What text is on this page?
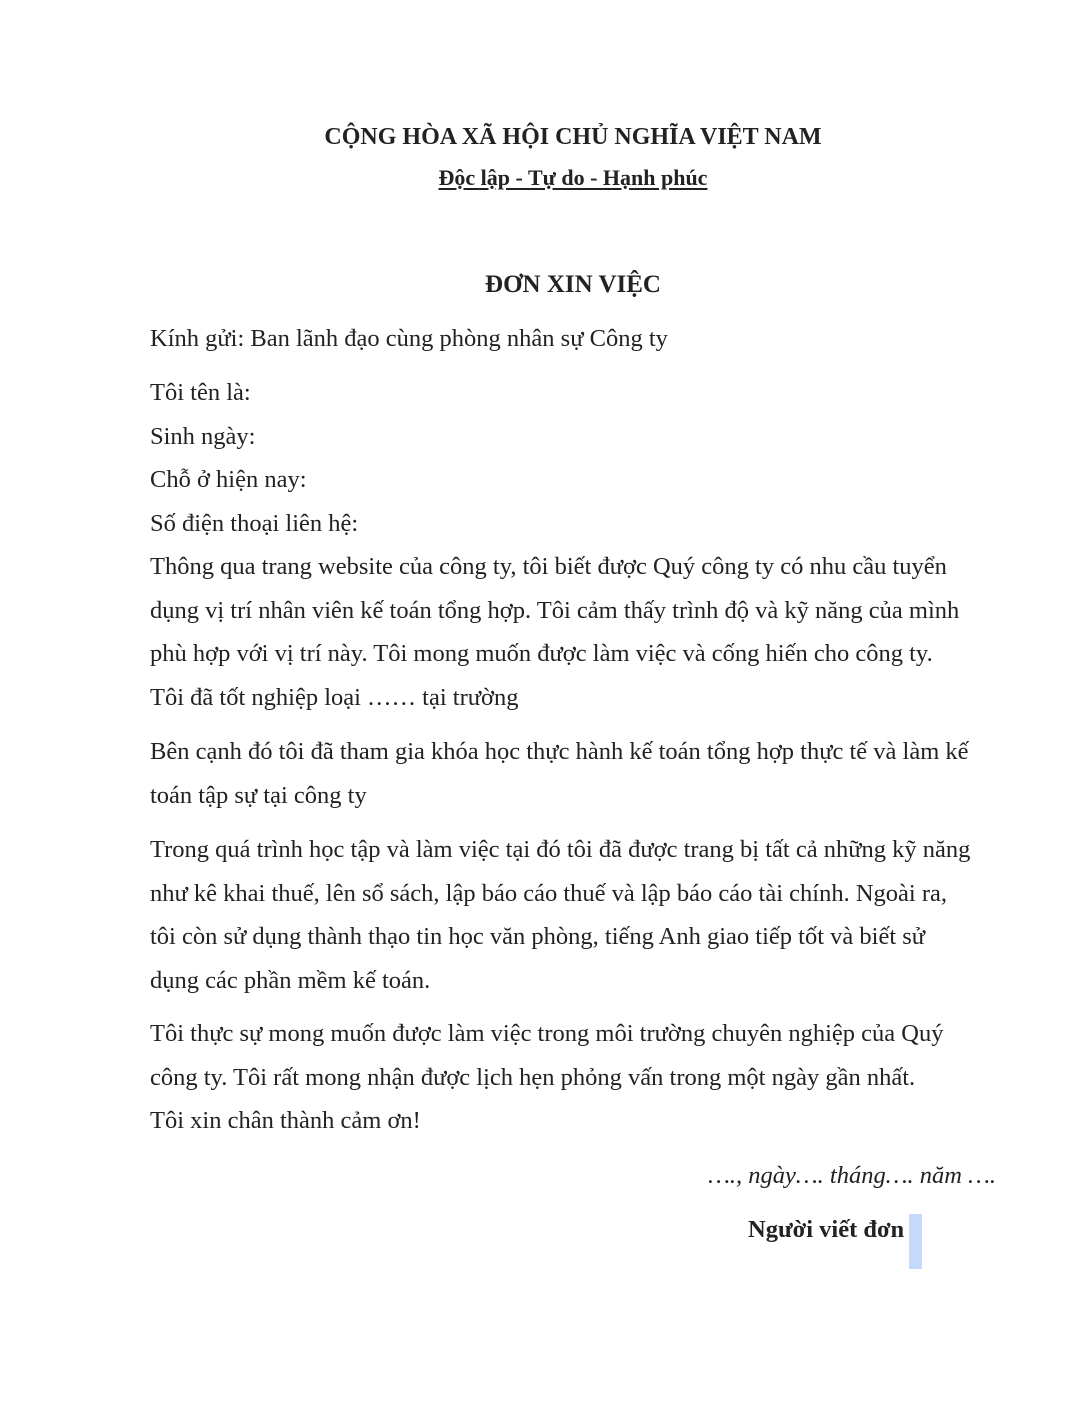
CỘNG HÒA XÃ HỘI CHỦ NGHĨA VIỆT NAM
Độc lập - Tự do - Hạnh phúc
ĐƠN XIN VIỆC
Kính gửi: Ban lãnh đạo cùng phòng nhân sự Công ty
Tôi tên là:
Sinh ngày:
Chỗ ở hiện nay:
Số điện thoại liên hệ:
Thông qua trang website của công ty, tôi biết được Quý công ty có nhu cầu tuyển
dụng vị trí nhân viên kế toán tổng hợp. Tôi cảm thấy trình độ và kỹ năng của mình
phù hợp với vị trí này. Tôi mong muốn được làm việc và cống hiến cho công ty.
Tôi đã tốt nghiệp loại …… tại trường
Bên cạnh đó tôi đã tham gia khóa học thực hành kế toán tổng hợp thực tế và làm kế
toán tập sự tại công ty
Trong quá trình học tập và làm việc tại đó tôi đã được trang bị tất cả những kỹ năng
như kê khai thuế, lên sổ sách, lập báo cáo thuế và lập báo cáo tài chính. Ngoài ra,
tôi còn sử dụng thành thạo tin học văn phòng, tiếng Anh giao tiếp tốt và biết sử
dụng các phần mềm kế toán.
Tôi thực sự mong muốn được làm việc trong môi trường chuyên nghiệp của Quý
công ty. Tôi rất mong nhận được lịch hẹn phỏng vấn trong một ngày gần nhất.
Tôi xin chân thành cảm ơn!
…., ngày…. tháng…. năm ….
Người viết đơn
